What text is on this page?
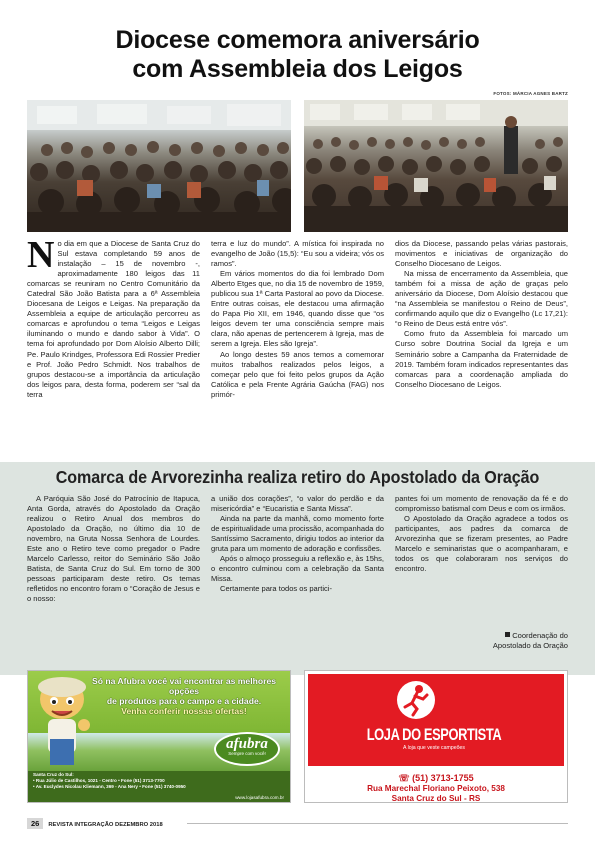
Diocese comemora aniversário
com Assembleia dos Leigos
FOTOS: MÁRCIA AGNES BARTZ

No dia em que a Diocese de Santa Cruz do Sul estava completando 59 anos de instalação – 15 de novembro -, aproximadamente 180 leigos das 11 comarcas se reuniram no Centro Comunitário da Catedral São João Batista para a 6ª Assembleia Diocesana de Leigos e Leigas. Na preparação da Assembleia a equipe de articulação percorreu as comarcas e aprofundou o tema “Leigos e Leigas iluminando o mundo e dando sabor à Vida”. O tema foi aprofundado por Dom Aloísio Alberto Dilli; Pe. Paulo Krindges, Professora Edi Rossier Predier e Prof. João Pedro Schmidt. Nos trabalhos de grupos destacou-se a importância da articulação dos leigos para, desta forma, poderem ser “sal da terra

terra e luz do mundo”. A mística foi inspirada no evangelho de João (15,5): “Eu sou a videira; vós os ramos”.

Em vários momentos do dia foi lembrado Dom Alberto Etges que, no dia 15 de novembro de 1959, publicou sua 1ª Carta Pastoral ao povo da Diocese. Entre outras coisas, ele destacou uma afirmação do Papa Pio XII, em 1946, quando disse que “os leigos devem ter uma consciência sempre mais clara, não apenas de pertencerem à Igreja, mas de serem a Igreja. Eles são Igreja”.

Ao longo destes 59 anos temos a comemorar muitos trabalhos realizados pelos leigos, a começar pelo que foi feito pelos grupos da Ação Católica e pela Frente Agrária Gaúcha (FAG) nos primór-

dios da Diocese, passando pelas várias pastorais, movimentos e iniciativas de organização do Conselho Diocesano de Leigos.

Na missa de encerramento da Assembleia, que também foi a missa de ação de graças pelo aniversário da Diocese, Dom Aloísio destacou que “na Assembleia se manifestou o Reino de Deus”, confirmando aquilo que diz o Evangelho (Lc 17,21): “o Reino de Deus está entre vós”.

Como fruto da Assembleia foi marcado um Curso sobre Doutrina Social da Igreja e um Seminário sobre a Campanha da Fraternidade de 2019. Também foram indicados representantes das comarcas para a coordenação ampliada do Conselho Diocesano de Leigos.

Comarca de Arvorezinha realiza retiro do Apostolado da Oração

A Paróquia São José do Patrocínio de Itapuca, Anta Gorda, através do Apostolado da Oração realizou o Retiro Anual dos membros do Apostolado da Oração, no último dia 10 de novembro, na Gruta Nossa Senhora de Lourdes. Este ano o Retiro teve como pregador o Padre Marcelo Carlesso, reitor do Seminário São João Batista, de Santa Cruz do Sul. Em torno de 300 pessoas participaram deste retiro. Os temas refletidos no encontro foram o “Coração de Jesus e o nosso:

a união dos corações”, “o valor do perdão e da misericórdia” e “Eucaristia e Santa Missa”.

Ainda na parte da manhã, como momento forte de espiritualidade uma procissão, acompanhada do Santíssimo Sacramento, dirigiu todos ao interior da gruta para um momento de adoração e confissões.

Após o almoço prosseguiu a reflexão e, às 15hs, o encontro culminou com a celebração da Santa Missa.

Certamente para todos os partici-

pantes foi um momento de renovação da fé e do compromisso batismal com Deus e com os irmãos.

O Apostolado da Oração agradece a todos os participantes, aos padres da comarca de Arvorezinha que se fizeram presentes, ao Padre Marcelo e seminaristas que o acompanharam, e todos os que colaboraram nos serviços do encontro.

Coordenação do
Apostolado da Oração
Só na Afubra você vai encontrar as melhores opções
de produtos para o campo e a cidade.
Venha conferir nossas ofertas!
afubra
Sempre com você!
Santa Cruz do Sul:
• Rua Júlio de Castilhos, 1021 - Centro • Fone (51) 3713-7700
• Av. Euclydes Nicolau Kliemann, 369 - Ana Nery • Fone (51) 3740-0950
www.lojasafubra.com.br
LOJA DO ESPORTISTA
A loja que veste campeões
☏ (51) 3713-1755
Rua Marechal Floriano Peixoto, 538
Santa Cruz do Sul - RS
26 REVISTA INTEGRAÇÃO DEZEMBRO 2018
